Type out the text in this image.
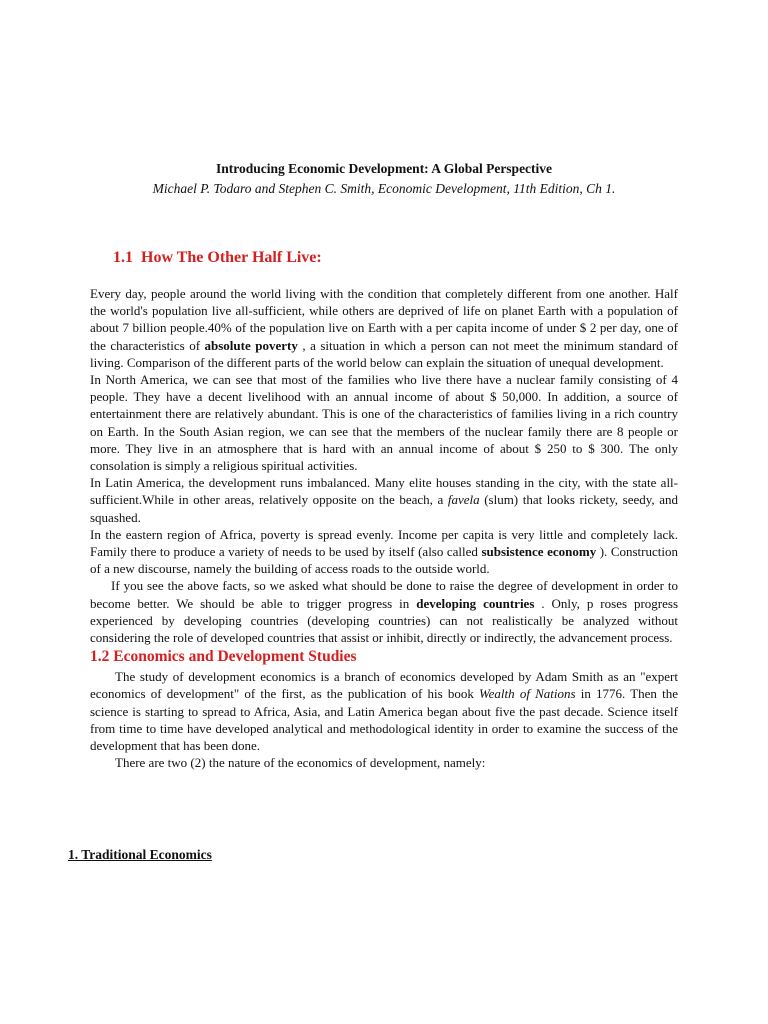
Introducing Economic Development: A Global Perspective

Michael P. Todaro and Stephen C. Smith, Economic Development, 11th Edition, Ch 1.

1.1 How The Other Half Live:

Every day, people around the world living with the condition that completely different from one another. Half the world's population live all-sufficient, while others are deprived of life on planet Earth with a population of about 7 billion people.40% of the population live on Earth with a per capita income of under $ 2 per day, one of the characteristics of absolute poverty , a situation in which a person can not meet the minimum standard of living. Comparison of the different parts of the world below can explain the situation of unequal development.

In North America, we can see that most of the families who live there have a nuclear family consisting of 4 people. They have a decent livelihood with an annual income of about $ 50,000. In addition, a source of entertainment there are relatively abundant. This is one of the characteristics of families living in a rich country on Earth. In the South Asian region, we can see that the members of the nuclear family there are 8 people or more. They live in an atmosphere that is hard with an annual income of about $ 250 to $ 300. The only consolation is simply a religious spiritual activities.

In Latin America, the development runs imbalanced. Many elite houses standing in the city, with the state all-sufficient.While in other areas, relatively opposite on the beach, a favela (slum) that looks rickety, seedy, and squashed.

In the eastern region of Africa, poverty is spread evenly. Income per capita is very little and completely lack. Family there to produce a variety of needs to be used by itself (also called subsistence economy ). Construction of a new discourse, namely the building of access roads to the outside world.

If you see the above facts, so we asked what should be done to raise the degree of development in order to become better. We should be able to trigger progress in developing countries . Only, p roses progress experienced by developing countries (developing countries) can not realistically be analyzed without considering the role of developed countries that assist or inhibit, directly or indirectly, the advancement process.

1.2 Economics and Development Studies

The study of development economics is a branch of economics developed by Adam Smith as an "expert economics of development" of the first, as the publication of his book Wealth of Nations in 1776. Then the science is starting to spread to Africa, Asia, and Latin America began about five the past decade. Science itself from time to time have developed analytical and methodological identity in order to examine the success of the development that has been done.

There are two (2) the nature of the economics of development, namely:

1. Traditional Economics
